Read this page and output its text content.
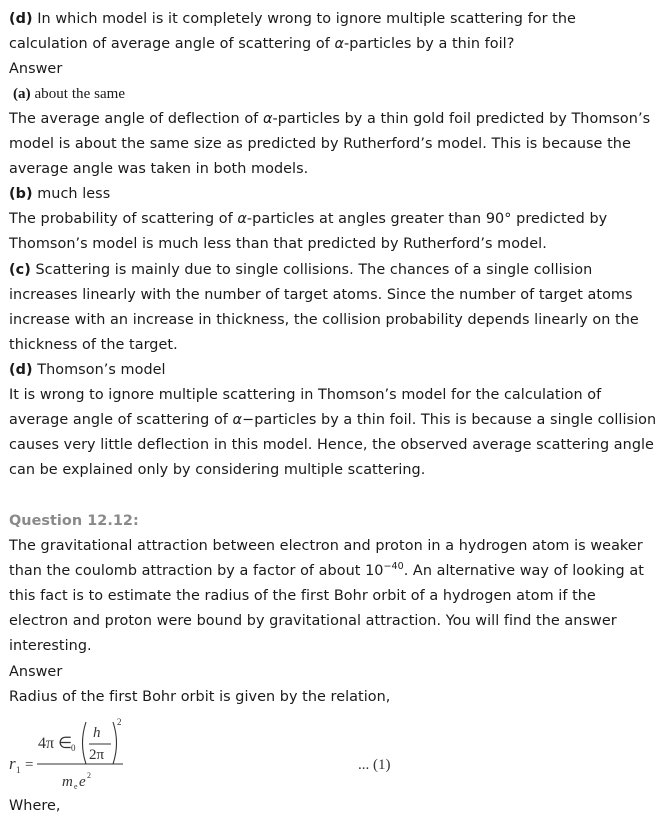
(d) In which model is it completely wrong to ignore multiple scattering for the
calculation of average angle of scattering of α-particles by a thin foil?
Answer
(a) about the same
The average angle of deflection of α-particles by a thin gold foil predicted by Thomson’s
model is about the same size as predicted by Rutherford’s model. This is because the
average angle was taken in both models.
(b) much less
The probability of scattering of α-particles at angles greater than 90° predicted by
Thomson’s model is much less than that predicted by Rutherford’s model.
(c) Scattering is mainly due to single collisions. The chances of a single collision
increases linearly with the number of target atoms. Since the number of target atoms
increase with an increase in thickness, the collision probability depends linearly on the
thickness of the target.
(d) Thomson’s model
It is wrong to ignore multiple scattering in Thomson’s model for the calculation of
average angle of scattering of α−particles by a thin foil. This is because a single collision
causes very little deflection in this model. Hence, the observed average scattering angle
can be explained only by considering multiple scattering.
Question 12.12:
The gravitational attraction between electron and proton in a hydrogen atom is weaker
than the coulomb attraction by a factor of about $10^{-40}$. An alternative way of looking at
this fact is to estimate the radius of the first Bohr orbit of a hydrogen atom if the
electron and proton were bound by gravitational attraction. You will find the answer
interesting.
Answer
Radius of the first Bohr orbit is given by the relation,
r 1 =
4π ∈
0
h
2π
2
m e e 2
... (1)
Where,
